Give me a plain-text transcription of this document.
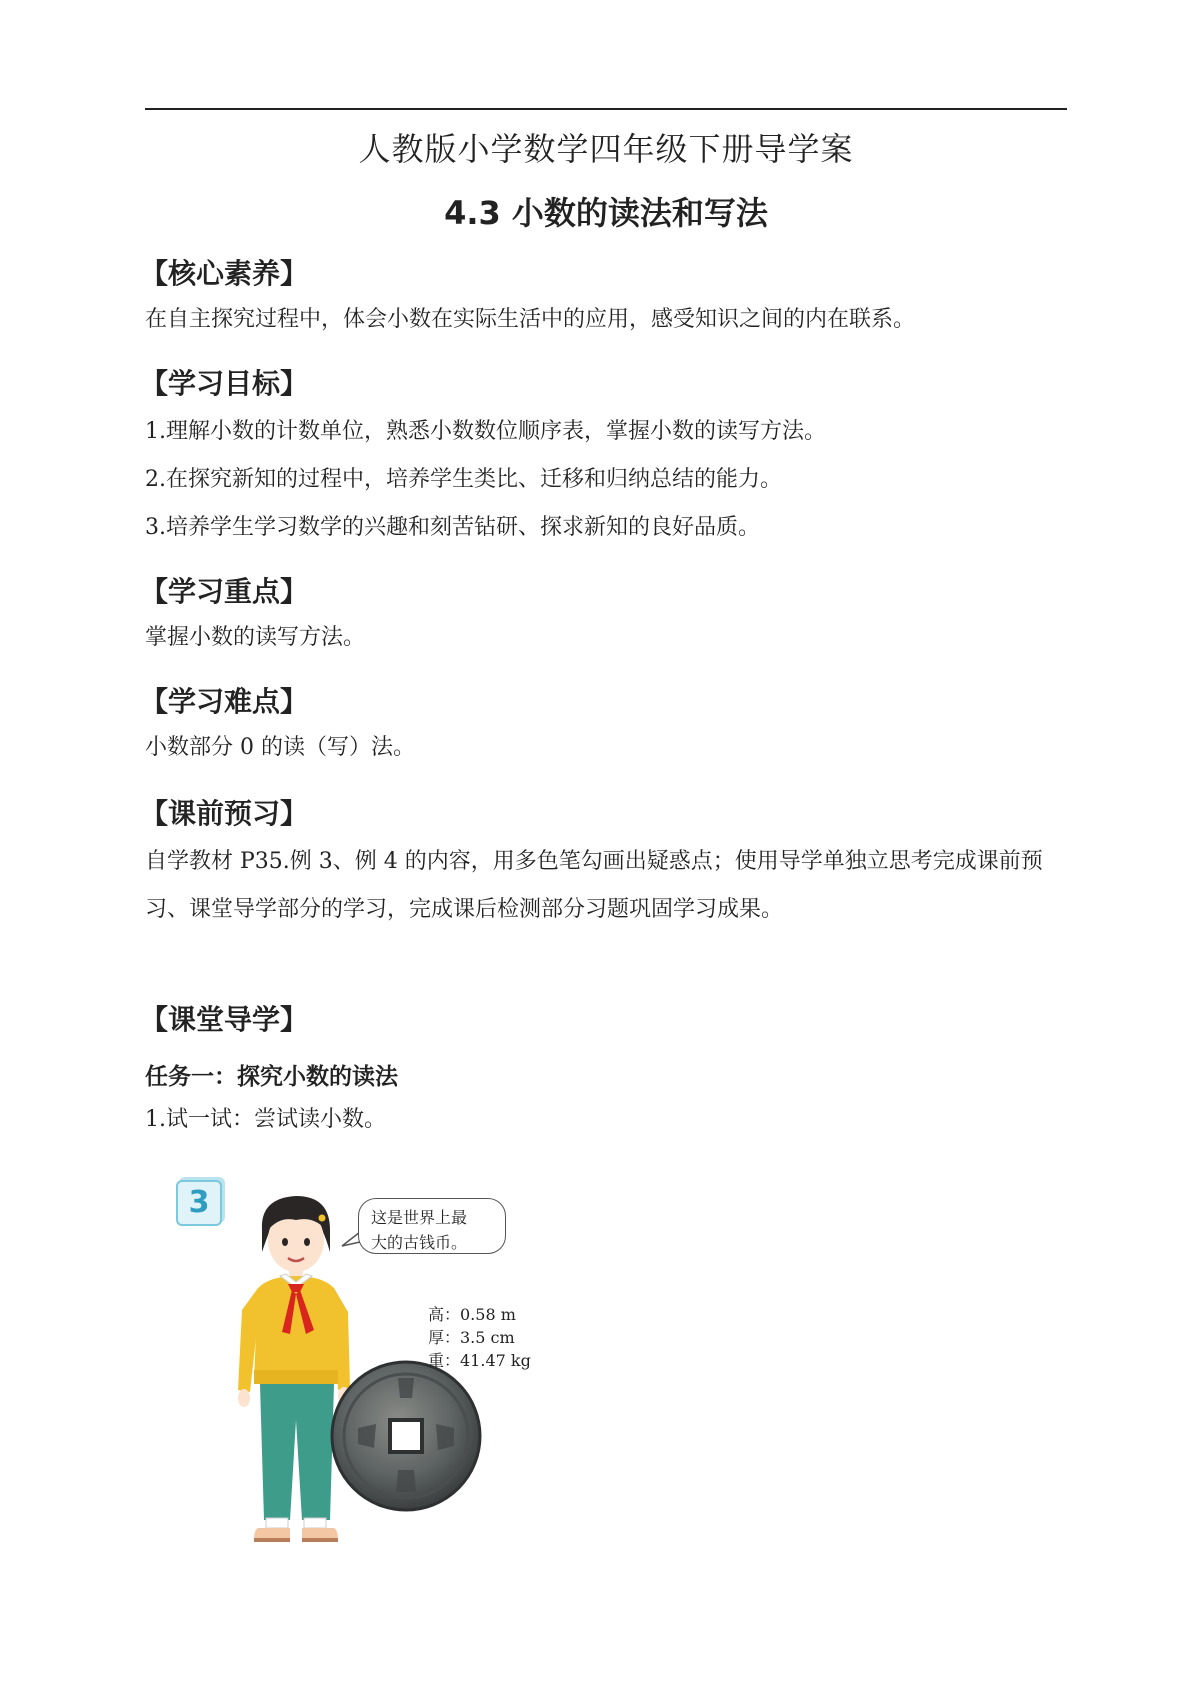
人教版小学数学四年级下册导学案
4.3 小数的读法和写法
【核心素养】
在自主探究过程中，体会小数在实际生活中的应用，感受知识之间的内在联系。
【学习目标】
1.理解小数的计数单位，熟悉小数数位顺序表，掌握小数的读写方法。
2.在探究新知的过程中，培养学生类比、迁移和归纳总结的能力。
3.培养学生学习数学的兴趣和刻苦钻研、探求新知的良好品质。
【学习重点】
掌握小数的读写方法。
【学习难点】
小数部分 0 的读（写）法。
【课前预习】
自学教材 P35.例 3、例 4 的内容，用多色笔勾画出疑惑点；使用导学单独立思考完成课前预习、课堂导学部分的学习，完成课后检测部分习题巩固学习成果。
【课堂导学】
任务一：探究小数的读法
1.试一试：尝试读小数。
3	这是世界上最
大的古钱币。
高：0.58 m
厚：3.5 cm
重：41.47 kg
